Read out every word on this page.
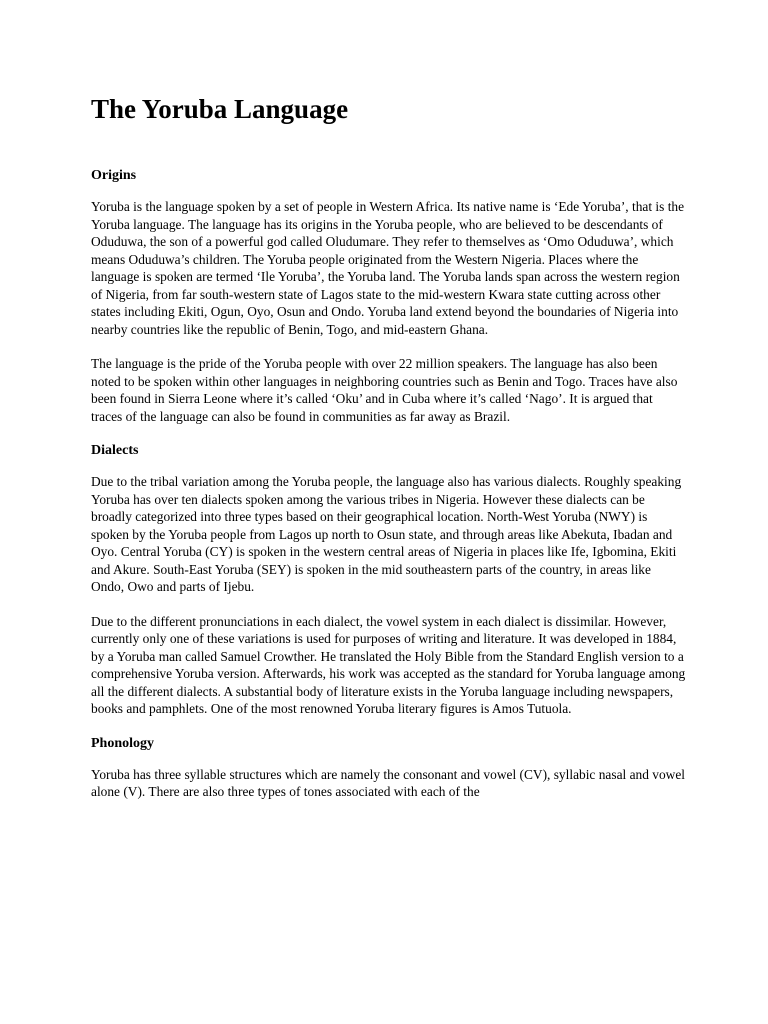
The Yoruba Language
Origins

Yoruba is the language spoken by a set of people in Western Africa. Its native name is ‘Ede Yoruba’, that is the Yoruba language. The language has its origins in the Yoruba people, who are believed to be descendants of Oduduwa, the son of a powerful god called Oludumare. They refer to themselves as ‘Omo Oduduwa’, which means Oduduwa’s children. The Yoruba people originated from the Western Nigeria. Places where the language is spoken are termed ‘Ile Yoruba’, the Yoruba land. The Yoruba lands span across the western region of Nigeria, from far south-western state of Lagos state to the mid-western Kwara state cutting across other states including Ekiti, Ogun, Oyo, Osun and Ondo. Yoruba land extend beyond the boundaries of Nigeria into nearby countries like the republic of Benin, Togo, and mid-eastern Ghana.

The language is the pride of the Yoruba people with over 22 million speakers. The language has also been noted to be spoken within other languages in neighboring countries such as Benin and Togo. Traces have also been found in Sierra Leone where it’s called ‘Oku’ and in Cuba where it’s called ‘Nago’. It is argued that traces of the language can also be found in communities as far away as Brazil.

Dialects

Due to the tribal variation among the Yoruba people, the language also has various dialects. Roughly speaking Yoruba has over ten dialects spoken among the various tribes in Nigeria. However these dialects can be broadly categorized into three types based on their geographical location. North-West Yoruba (NWY) is spoken by the Yoruba people from Lagos up north to Osun state, and through areas like Abekuta, Ibadan and Oyo. Central Yoruba (CY) is spoken in the western central areas of Nigeria in places like Ife, Igbomina, Ekiti and Akure. South-East Yoruba (SEY) is spoken in the mid southeastern parts of the country, in areas like Ondo, Owo and parts of Ijebu.

Due to the different pronunciations in each dialect, the vowel system in each dialect is dissimilar. However, currently only one of these variations is used for purposes of writing and literature. It was developed in 1884, by a Yoruba man called Samuel Crowther. He translated the Holy Bible from the Standard English version to a comprehensive Yoruba version. Afterwards, his work was accepted as the standard for Yoruba language among all the different dialects. A substantial body of literature exists in the Yoruba language including newspapers, books and pamphlets. One of the most renowned Yoruba literary figures is Amos Tutuola.

Phonology

Yoruba has three syllable structures which are namely the consonant and vowel (CV), syllabic nasal and vowel alone (V). There are also three types of tones associated with each of the
